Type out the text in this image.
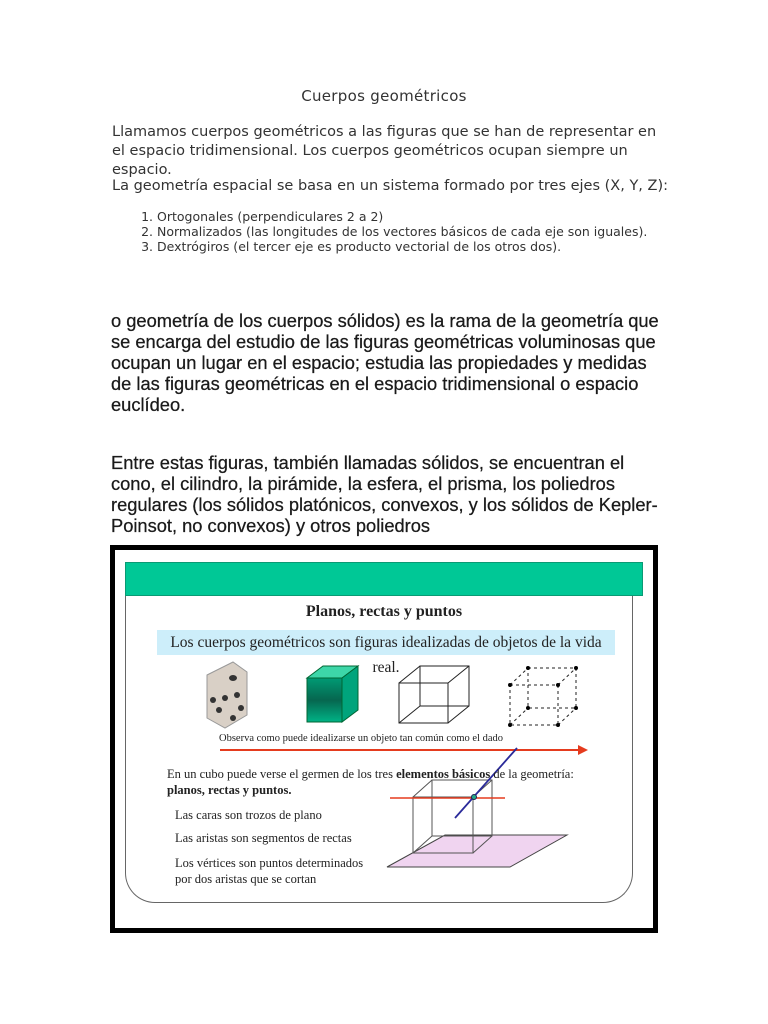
Cuerpos geométricos
Llamamos cuerpos geométricos a las figuras que se han de representar en el espacio tridimensional. Los cuerpos geométricos ocupan siempre un espacio.
La geometría espacial se basa en un sistema formado por tres ejes (X, Y, Z):
1. Ortogonales (perpendiculares 2 a 2)
2. Normalizados (las longitudes de los vectores básicos de cada eje son iguales).
3. Dextrógiros (el tercer eje es producto vectorial de los otros dos).
o geometría de los cuerpos sólidos) es la rama de la geometría que se encarga del estudio de las figuras geométricas voluminosas que ocupan un lugar en el espacio; estudia las propiedades y medidas de las figuras geométricas en el espacio tridimensional o espacio euclídeo.
Entre estas figuras, también llamadas sólidos, se encuentran el cono, el cilindro, la pirámide, la esfera, el prisma, los poliedros regulares (los sólidos platónicos, convexos, y los sólidos de Kepler-Poinsot, no convexos) y otros poliedros
Planos, rectas y puntos
Los cuerpos geométricos son figuras idealizadas de objetos de la vida real.
Observa como puede idealizarse un objeto tan común como el dado
En un cubo puede verse el germen de los tres elementos básicos de la geometría:
planos, rectas y puntos.
Las caras son trozos de plano
Las aristas son segmentos de rectas
Los vértices son puntos determinados
por dos aristas que se cortan
